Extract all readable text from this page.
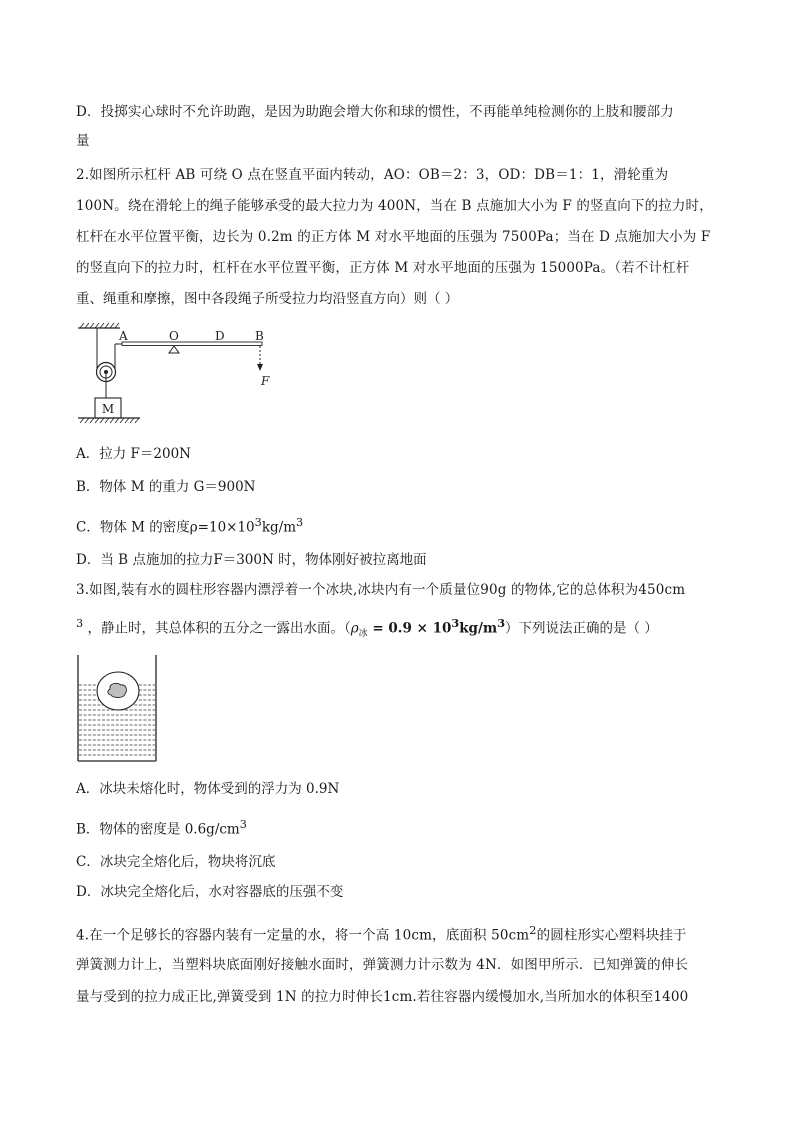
D．投掷实心球时不允许助跑，是因为助跑会增大你和球的惯性，不再能单纯检测你的上肢和腰部力
量
2.如图所示杠杆 AB 可绕 O 点在竖直平面内转动，AO：OB＝2：3，OD：DB＝1：1，滑轮重为
100N。绕在滑轮上的绳子能够承受的最大拉力为 400N，当在 B 点施加大小为 F 的竖直向下的拉力时，
杠杆在水平位置平衡，边长为 0.2m 的正方体 M 对水平地面的压强为 7500Pa；当在 D 点施加大小为 F
的竖直向下的拉力时，杠杆在水平位置平衡，正方体 M 对水平地面的压强为 15000Pa。（若不计杠杆
重、绳重和摩擦，图中各段绳子所受拉力均沿竖直方向）则（ ）
M
A	O	D	B
F
A．拉力 F＝200N
B．物体 M 的重力 G＝900N
C．物体 M 的密度$\rho=10\times 10^3kg/m^3$
D．当 B 点施加的拉力F＝300N 时，物体刚好被拉离地面
3.如图,装有水的圆柱形容器内漂浮着一个冰块,冰块内有一个质量位90g 的物体,它的总体积为450cm
$^3$ ，静止时，其总体积的五分之一露出水面。$(\rho_冰 = 0.9 \times 10^3kg/m^3)$下列说法正确的是（ ）
A．冰块未熔化时，物体受到的浮力为 0.9N
B．物体的密度是 $0.6g/cm^3$
C．冰块完全熔化后，物块将沉底
D．冰块完全熔化后，水对容器底的压强不变
4.在一个足够长的容器内装有一定量的水，将一个高 10cm，底面积 $50cm^2$的圆柱形实心塑料块挂于
弹簧测力计上，当塑料块底面刚好接触水面时，弹簧测力计示数为 4N．如图甲所示．已知弹簧的伸长
量与受到的拉力成正比,弹簧受到 1N 的拉力时伸长1cm.若往容器内缓慢加水,当所加水的体积至1400
